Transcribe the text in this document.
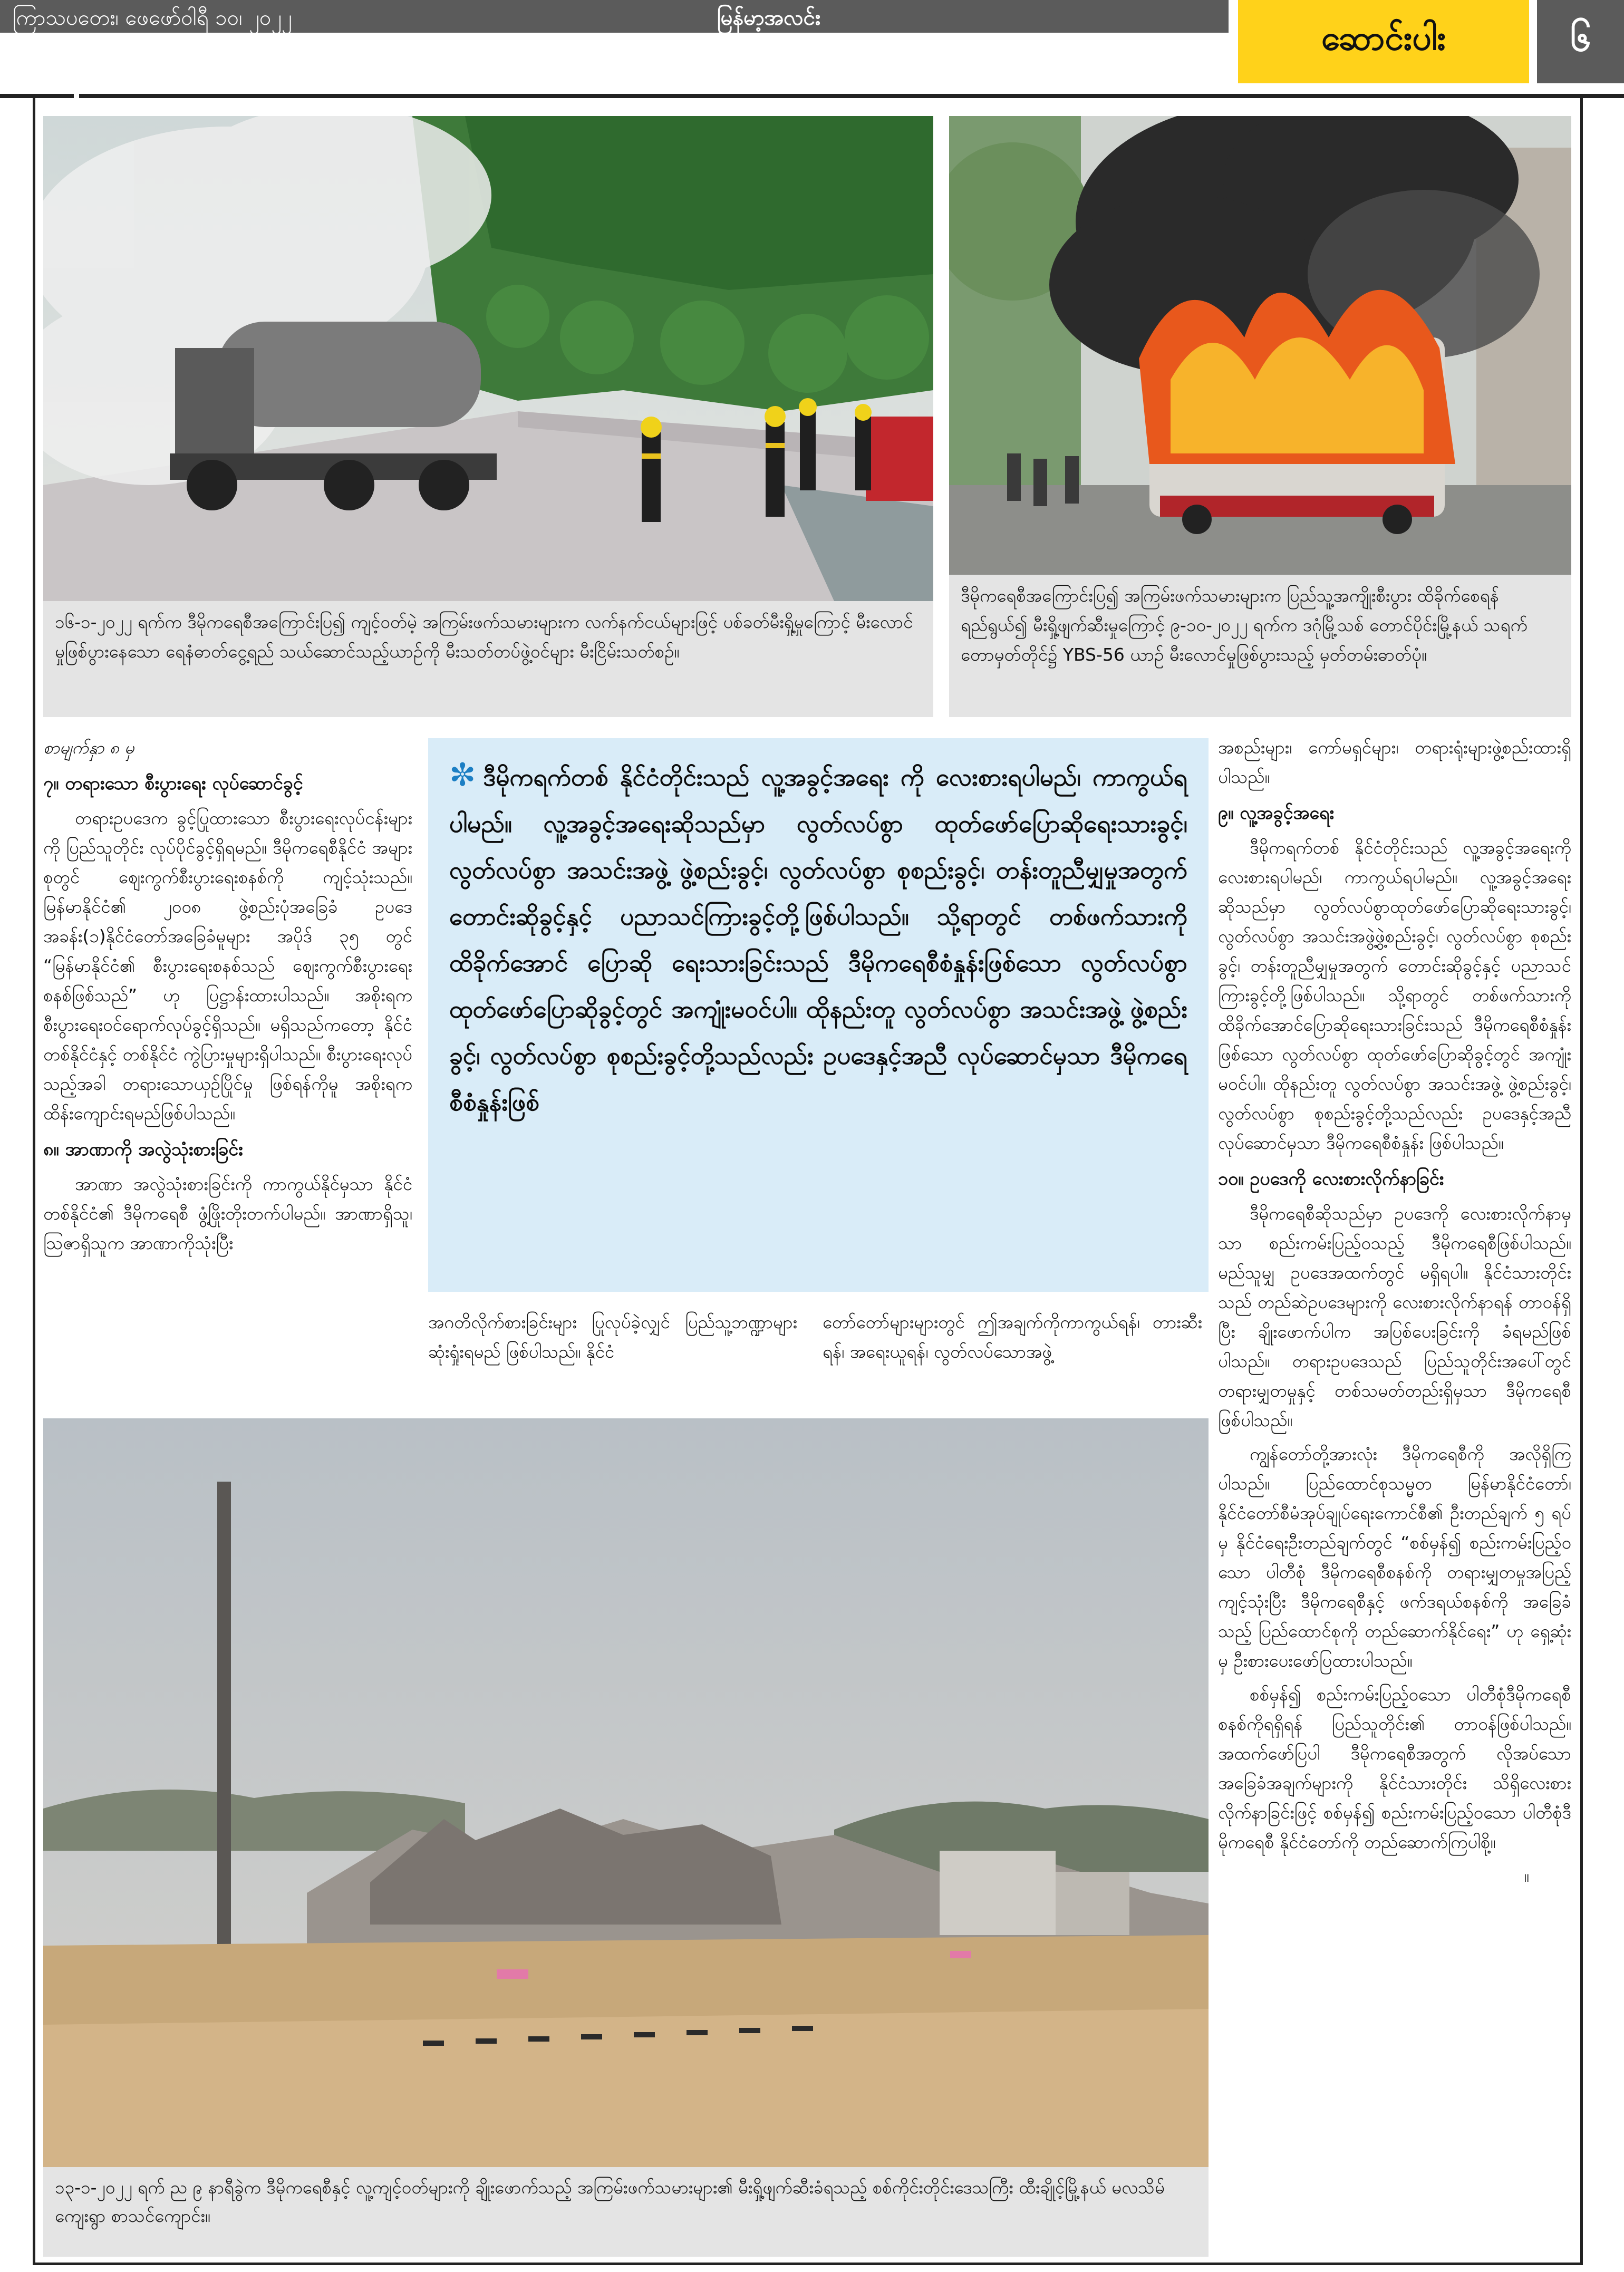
ကြာသပတေး၊ ဖေဖော်ဝါရီ ၁၀၊ ၂၀၂၂	မြန်မာ့အလင်း
ဆောင်းပါး	၆
၁၆-၁-၂၀၂၂ ရက်က ဒီမိုကရေစီအကြောင်းပြ၍ ကျင့်ဝတ်မဲ့ အကြမ်းဖက်သမားများက လက်နက်ငယ်များဖြင့် ပစ်ခတ်မီးရှို့မှုကြောင့် မီးလောင်မှုဖြစ်ပွားနေသော ရေနံဓာတ်ငွေ့ရည် သယ်ဆောင်သည့်ယာဉ်ကို မီးသတ်တပ်ဖွဲ့ဝင်များ မီးငြိမ်းသတ်စဉ်။
ဒီမိုကရေစီအကြောင်းပြ၍ အကြမ်းဖက်သမားများက ပြည်သူ့အကျိုးစီးပွား ထိခိုက်စေရန် ရည်ရွယ်၍ မီးရှို့ဖျက်ဆီးမှုကြောင့် ၉-၁၀-၂၀၂၂ ရက်က ဒဂုံမြို့သစ် တောင်ပိုင်းမြို့နယ် သရက်တောမှတ်တိုင်၌ YBS-56 ယာဉ် မီးလောင်မှုဖြစ်ပွားသည့် မှတ်တမ်းဓာတ်ပုံ။

စာမျက်နှာ ၈ မှ

၇။ တရားသော စီးပွားရေး လုပ်ဆောင်ခွင့်

တရားဥပဒေက ခွင့်ပြုထားသော စီးပွားရေးလုပ်ငန်းများကို ပြည်သူတိုင်း လုပ်ပိုင်ခွင့်ရှိရမည်။ ဒီမိုကရေစီနိုင်ငံ အများစုတွင် ဈေးကွက်စီးပွားရေးစနစ်ကို ကျင့်သုံးသည်။ မြန်မာနိုင်ငံ၏ ၂၀၀၈ ဖွဲ့စည်းပုံအခြေခံ ဥပဒေအခန်း(၁)နိုင်ငံတော်အခြေခံမူများ အပိုဒ် ၃၅ တွင် “မြန်မာနိုင်ငံ၏ စီးပွားရေးစနစ်သည် ဈေးကွက်စီးပွားရေးစနစ်ဖြစ်သည်” ဟု ပြဋ္ဌာန်းထားပါသည်။ အစိုးရက စီးပွားရေးဝင်ရောက်လုပ်ခွင့်ရှိသည်။ မရှိသည်ကတော့ နိုင်ငံတစ်နိုင်ငံနှင့် တစ်နိုင်ငံ ကွဲပြားမှုများရှိပါသည်။ စီးပွားရေးလုပ်သည့်အခါ တရားသောယှဉ်ပြိုင်မှု ဖြစ်ရန်ကိုမူ အစိုးရက ထိန်းကျောင်းရမည်ဖြစ်ပါသည်။

၈။ အာဏာကို အလွဲသုံးစားခြင်း

အာဏာ အလွဲသုံးစားခြင်းကို ကာကွယ်နိုင်မှသာ နိုင်ငံတစ်နိုင်ငံ၏ ဒီမိုကရေစီ ဖွံ့ဖြိုးတိုးတက်ပါမည်။ အာဏာရှိသူ၊ သြဇာရှိသူက အာဏာကိုသုံးပြီး

✼ ဒီမိုကရက်တစ် နိုင်ငံတိုင်းသည် လူ့အခွင့်အရေး ကို လေးစားရပါမည်၊ ကာကွယ်ရပါမည်။ လူ့အခွင့်အရေးဆိုသည်မှာ လွတ်လပ်စွာ ထုတ်ဖော်ပြောဆိုရေးသားခွင့်၊ လွတ်လပ်စွာ အသင်းအဖွဲ့ ဖွဲ့စည်းခွင့်၊ လွတ်လပ်စွာ စုစည်းခွင့်၊ တန်းတူညီမျှမှုအတွက် တောင်းဆိုခွင့်နှင့် ပညာသင်ကြားခွင့်တို့ဖြစ်ပါသည်။ သို့ရာတွင် တစ်ဖက်သားကို ထိခိုက်အောင် ပြောဆို ရေးသားခြင်းသည် ဒီမိုကရေစီစံနှုန်းဖြစ်သော လွတ်လပ်စွာ ထုတ်ဖော်ပြောဆိုခွင့်တွင် အကျုံးမဝင်ပါ။ ထိုနည်းတူ လွတ်လပ်စွာ အသင်းအဖွဲ့ ဖွဲ့စည်းခွင့်၊ လွတ်လပ်စွာ စုစည်းခွင့်တို့သည်လည်း ဥပဒေနှင့်အညီ လုပ်ဆောင်မှသာ ဒီမိုကရေစီစံနှုန်းဖြစ်

အဂတိလိုက်စားခြင်းများ ပြုလုပ်ခဲ့လျှင် ပြည်သူ့ဘဏ္ဍာများဆုံးရှုံးရမည် ဖြစ်ပါသည်။ နိုင်ငံ

တော်တော်များများတွင် ဤအချက်ကိုကာကွယ်ရန်၊ တားဆီးရန်၊ အရေးယူရန်၊ လွတ်လပ်သောအဖွဲ့

အစည်းများ၊ ကော်မရှင်များ၊ တရားရုံးများဖွဲ့စည်းထားရှိပါသည်။

၉။ လူ့အခွင့်အရေး

ဒီမိုကရက်တစ် နိုင်ငံတိုင်းသည် လူ့အခွင့်အရေးကို လေးစားရပါမည်၊ ကာကွယ်ရပါမည်။ လူ့အခွင့်အရေးဆိုသည်မှာ လွတ်လပ်စွာထုတ်ဖော်ပြောဆိုရေးသားခွင့်၊ လွတ်လပ်စွာ အသင်းအဖွဲ့ဖွဲ့စည်းခွင့်၊ လွတ်လပ်စွာ စုစည်းခွင့်၊ တန်းတူညီမျှမှုအတွက် တောင်းဆိုခွင့်နှင့် ပညာသင်ကြားခွင့်တို့ဖြစ်ပါသည်။ သို့ရာတွင် တစ်ဖက်သားကို ထိခိုက်အောင်ပြောဆိုရေးသားခြင်းသည် ဒီမိုကရေစီစံနှုန်းဖြစ်သော လွတ်လပ်စွာ ထုတ်ဖော်ပြောဆိုခွင့်တွင် အကျုံးမဝင်ပါ။ ထိုနည်းတူ လွတ်လပ်စွာ အသင်းအဖွဲ့ ဖွဲ့စည်းခွင့်၊ လွတ်လပ်စွာ စုစည်းခွင့်တို့သည်လည်း ဥပဒေနှင့်အညီ လုပ်ဆောင်မှသာ ဒီမိုကရေစီစံနှုန်း ဖြစ်ပါသည်။

၁၀။ ဥပဒေကို လေးစားလိုက်နာခြင်း

ဒီမိုကရေစီဆိုသည်မှာ ဥပဒေကို လေးစားလိုက်နာမှသာ စည်းကမ်းပြည့်ဝသည့် ဒီမိုကရေစီဖြစ်ပါသည်။ မည်သူမျှ ဥပဒေအထက်တွင် မရှိရပါ။ နိုင်ငံသားတိုင်းသည် တည်ဆဲဥပဒေများကို လေးစားလိုက်နာရန် တာဝန်ရှိပြီး ချိုးဖောက်ပါက အပြစ်ပေးခြင်းကို ခံရမည်ဖြစ်ပါသည်။ တရားဥပဒေသည် ပြည်သူတိုင်းအပေါ်တွင် တရားမျှတမှုနှင့် တစ်သမတ်တည်းရှိမှသာ ဒီမိုကရေစီ ဖြစ်ပါသည်။

ကျွန်တော်တို့အားလုံး ဒီမိုကရေစီကို အလိုရှိကြပါသည်။ ပြည်ထောင်စုသမ္မတ မြန်မာနိုင်ငံတော်၊ နိုင်ငံတော်စီမံအုပ်ချုပ်ရေးကောင်စီ၏ ဦးတည်ချက် ၅ ရပ်မှ နိုင်ငံရေးဦးတည်ချက်တွင် “စစ်မှန်၍ စည်းကမ်းပြည့်ဝသော ပါတီစုံ ဒီမိုကရေစီစနစ်ကို တရားမျှတမှုအပြည့်ကျင့်သုံးပြီး ဒီမိုကရေစီနှင့် ဖက်ဒရယ်စနစ်ကို အခြေခံသည့် ပြည်ထောင်စုကို တည်ဆောက်နိုင်ရေး” ဟု ရှေ့ဆုံးမှ ဦးစားပေးဖော်ပြထားပါသည်။

စစ်မှန်၍ စည်းကမ်းပြည့်ဝသော ပါတီစုံဒီမိုကရေစီစနစ်ကိုရရှိရန် ပြည်သူတိုင်း၏ တာဝန်ဖြစ်ပါသည်။ အထက်ဖော်ပြပါ ဒီမိုကရေစီအတွက် လိုအပ်သော အခြေခံအချက်များကို နိုင်ငံသားတိုင်း သိရှိလေးစားလိုက်နာခြင်းဖြင့် စစ်မှန်၍ စည်းကမ်းပြည့်ဝသော ပါတီစုံဒီမိုကရေစီ နိုင်ငံတော်ကို တည်ဆောက်ကြပါစို့။

။
၁၃-၁-၂၀၂၂ ရက် ည ၉ နာရီခွဲက ဒီမိုကရေစီနှင့် လူ့ကျင့်ဝတ်များကို ချိုးဖောက်သည့် အကြမ်းဖက်သမားများ၏ မီးရှို့ဖျက်ဆီးခံရသည့် စစ်ကိုင်းတိုင်းဒေသကြီး ထီးချိုင့်မြို့နယ် မလသိမ်ကျေးရွာ စာသင်ကျောင်း။
